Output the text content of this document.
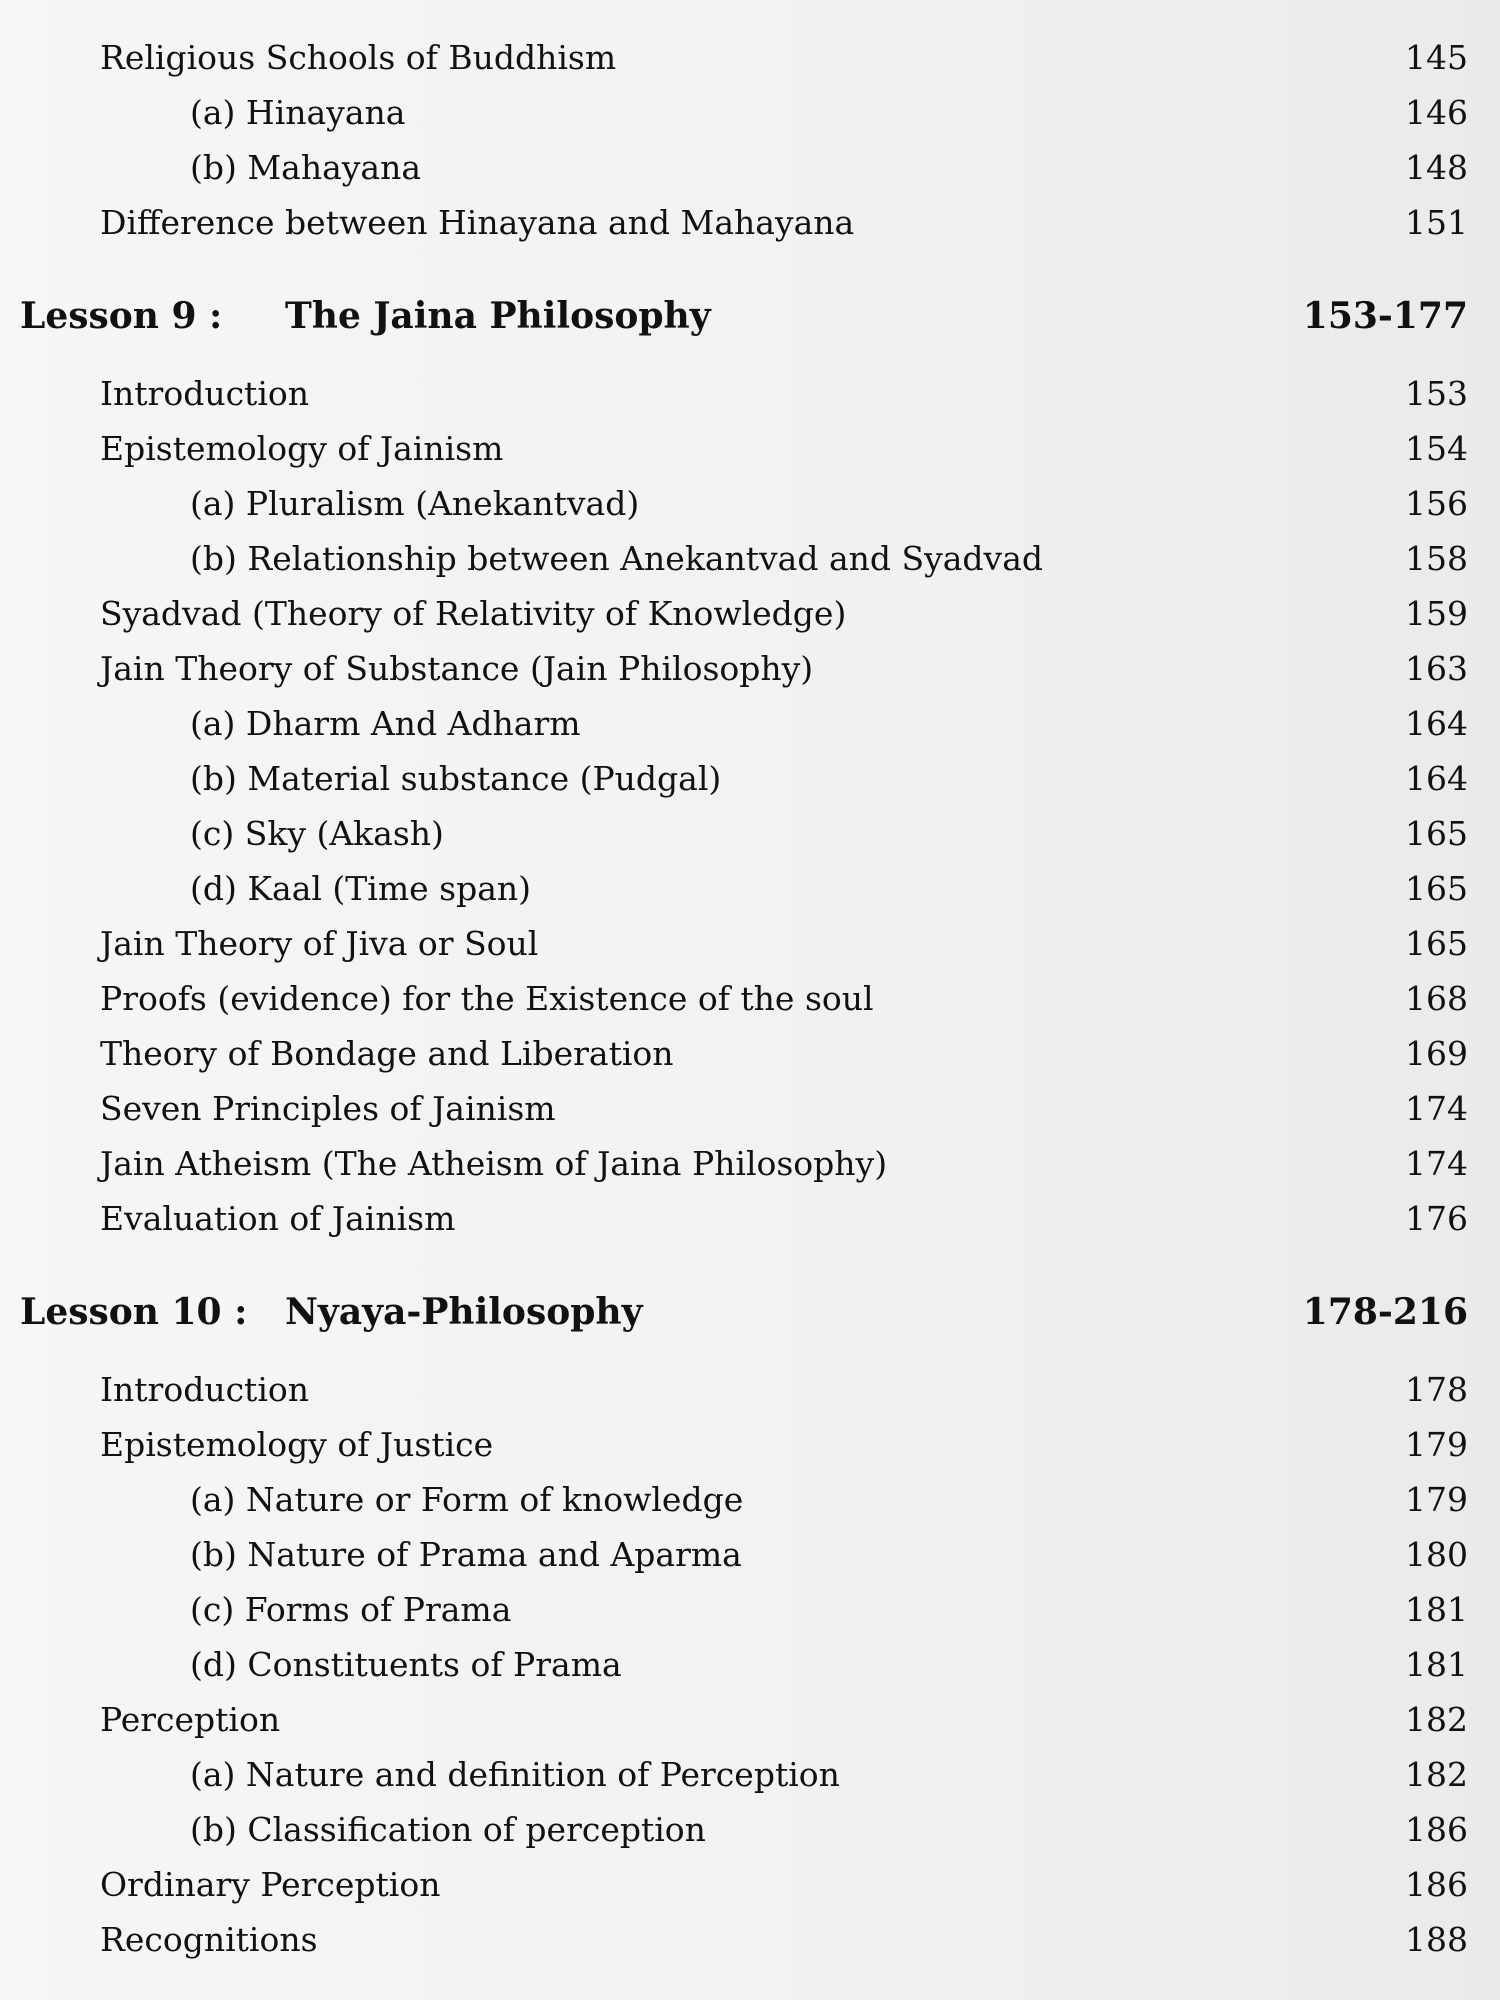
Religious Schools of Buddhism	145
(a) Hinayana	146
(b) Mahayana	148
Difference between Hinayana and Mahayana	151
Lesson 9 : The Jaina Philosophy	153-177
Introduction	153
Epistemology of Jainism	154
(a) Pluralism (Anekantvad)	156
(b) Relationship between Anekantvad and Syadvad	158
Syadvad (Theory of Relativity of Knowledge)	159
Jain Theory of Substance (Jain Philosophy)	163
(a) Dharm And Adharm	164
(b) Material substance (Pudgal)	164
(c) Sky (Akash)	165
(d) Kaal (Time span)	165
Jain Theory of Jiva or Soul	165
Proofs (evidence) for the Existence of the soul	168
Theory of Bondage and Liberation	169
Seven Principles of Jainism	174
Jain Atheism (The Atheism of Jaina Philosophy)	174
Evaluation of Jainism	176
Lesson 10 : Nyaya-Philosophy	178-216
Introduction	178
Epistemology of Justice	179
(a) Nature or Form of knowledge	179
(b) Nature of Prama and Aparma	180
(c) Forms of Prama	181
(d) Constituents of Prama	181
Perception	182
(a) Nature and definition of Perception	182
(b) Classification of perception	186
Ordinary Perception	186
Recognitions	188
